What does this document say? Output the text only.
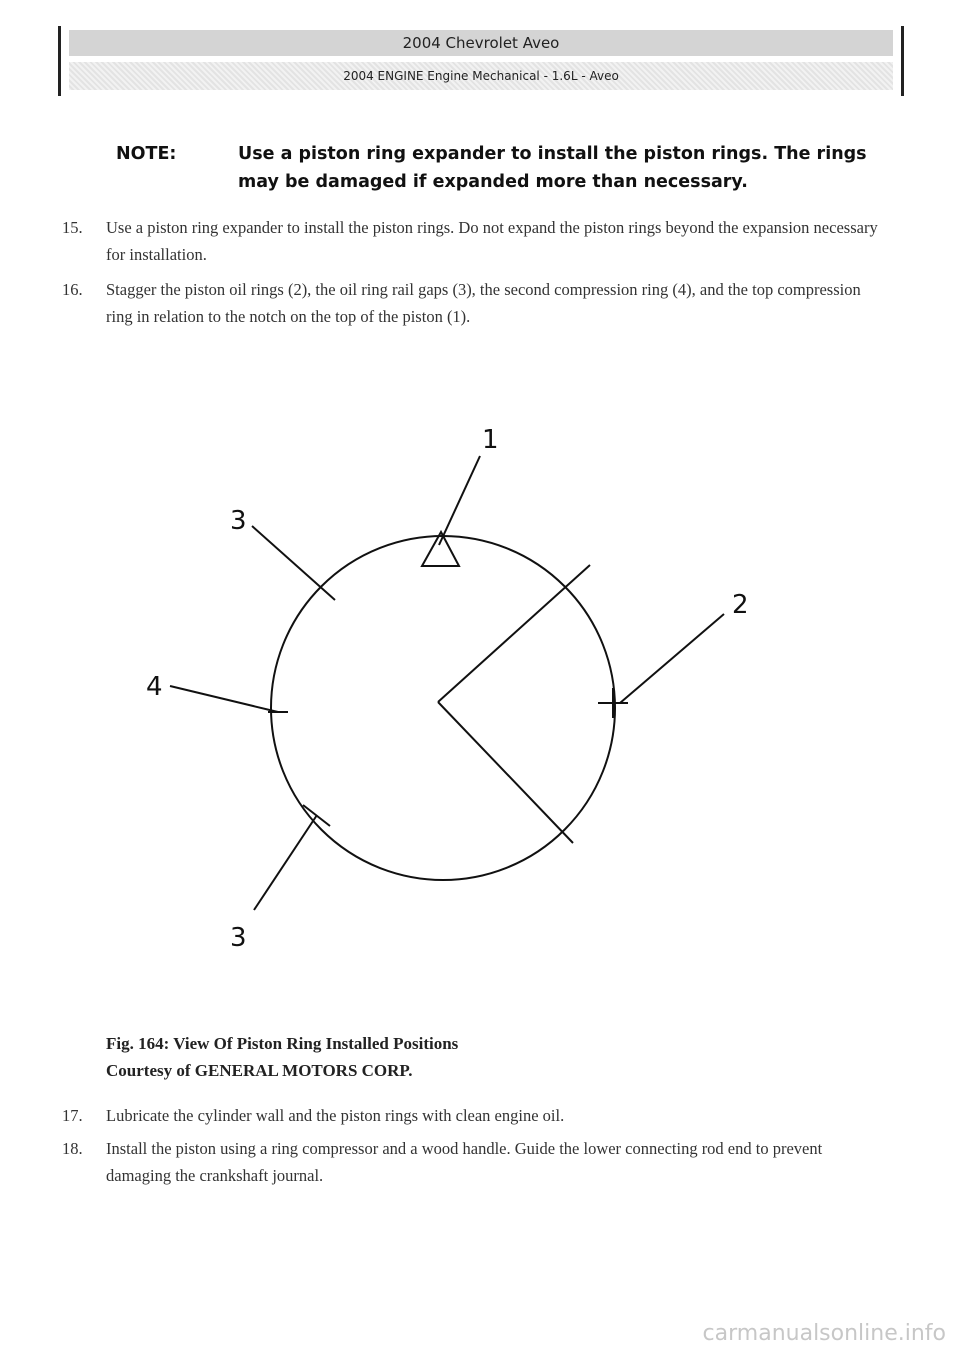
2004 Chevrolet Aveo
2004 ENGINE Engine Mechanical - 1.6L - Aveo
NOTE:	Use a piston ring expander to install the piston rings. The rings may be damaged if expanded more than necessary.
15. Use a piston ring expander to install the piston rings. Do not expand the piston rings beyond the expansion necessary for installation.
16. Stagger the piston oil rings (2), the oil ring rail gaps (3), the second compression ring (4), and the top compression ring in relation to the notch on the top of the piston (1).
1
3
2
4
3
Fig. 164: View Of Piston Ring Installed Positions
Courtesy of GENERAL MOTORS CORP.
17. Lubricate the cylinder wall and the piston rings with clean engine oil.
18. Install the piston using a ring compressor and a wood handle. Guide the lower connecting rod end to prevent damaging the crankshaft journal.
carmanualsonline.info
